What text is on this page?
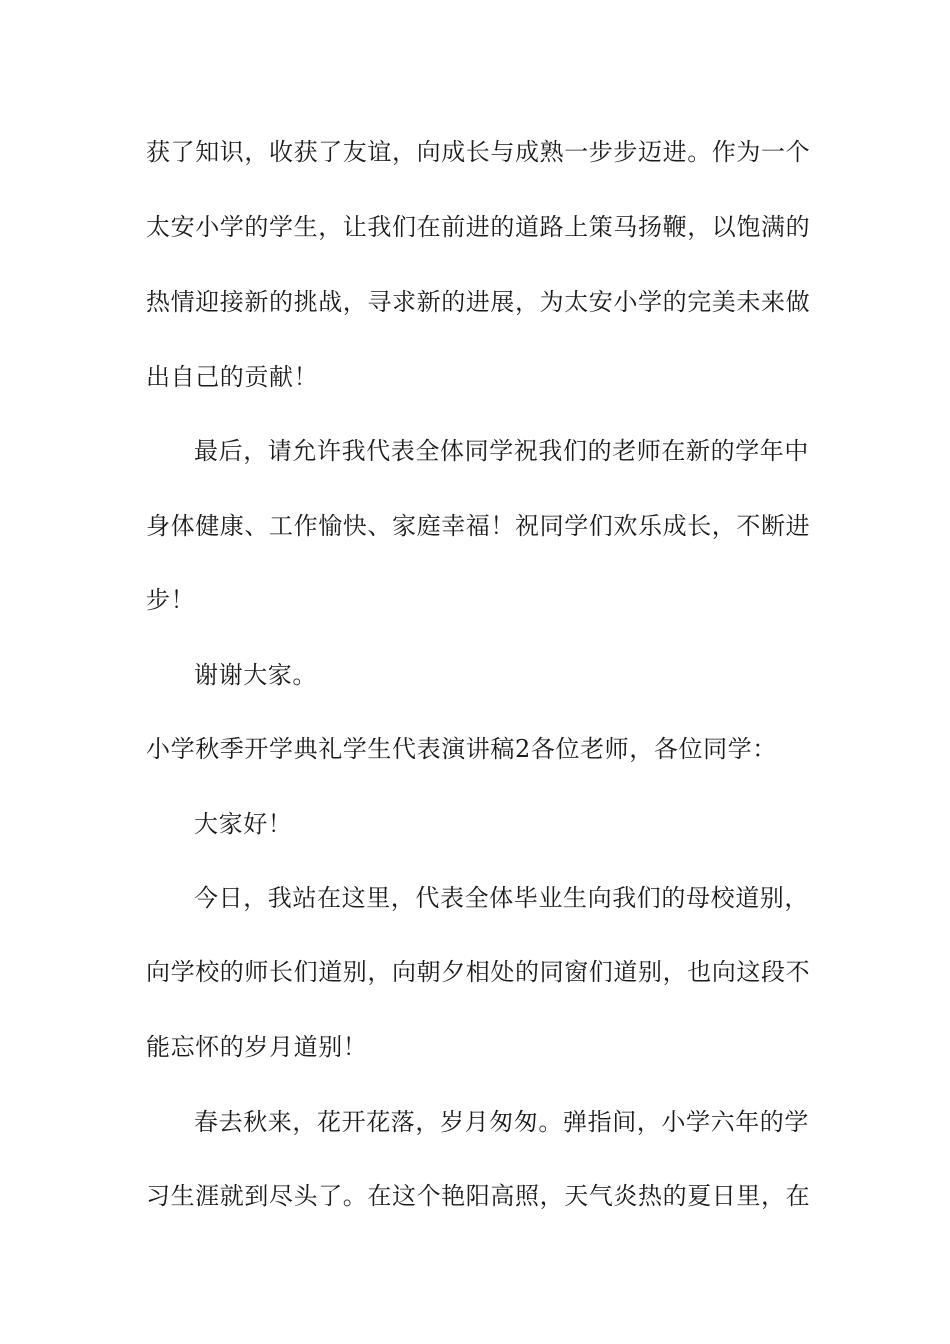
获了知识，收获了友谊，向成长与成熟一步步迈进。作为一个
太安小学的学生，让我们在前进的道路上策马扬鞭，以饱满的
热情迎接新的挑战，寻求新的进展，为太安小学的完美未来做
出自己的贡献！
最后，请允许我代表全体同学祝我们的老师在新的学年中
身体健康、工作愉快、家庭幸福！祝同学们欢乐成长，不断进
步！
谢谢大家。
小学秋季开学典礼学生代表演讲稿2各位老师，各位同学：
大家好！
今日，我站在这里，代表全体毕业生向我们的母校道别，
向学校的师长们道别，向朝夕相处的同窗们道别，也向这段不
能忘怀的岁月道别！
春去秋来，花开花落，岁月匆匆。弹指间，小学六年的学
习生涯就到尽头了。在这个艳阳高照，天气炎热的夏日里，在
